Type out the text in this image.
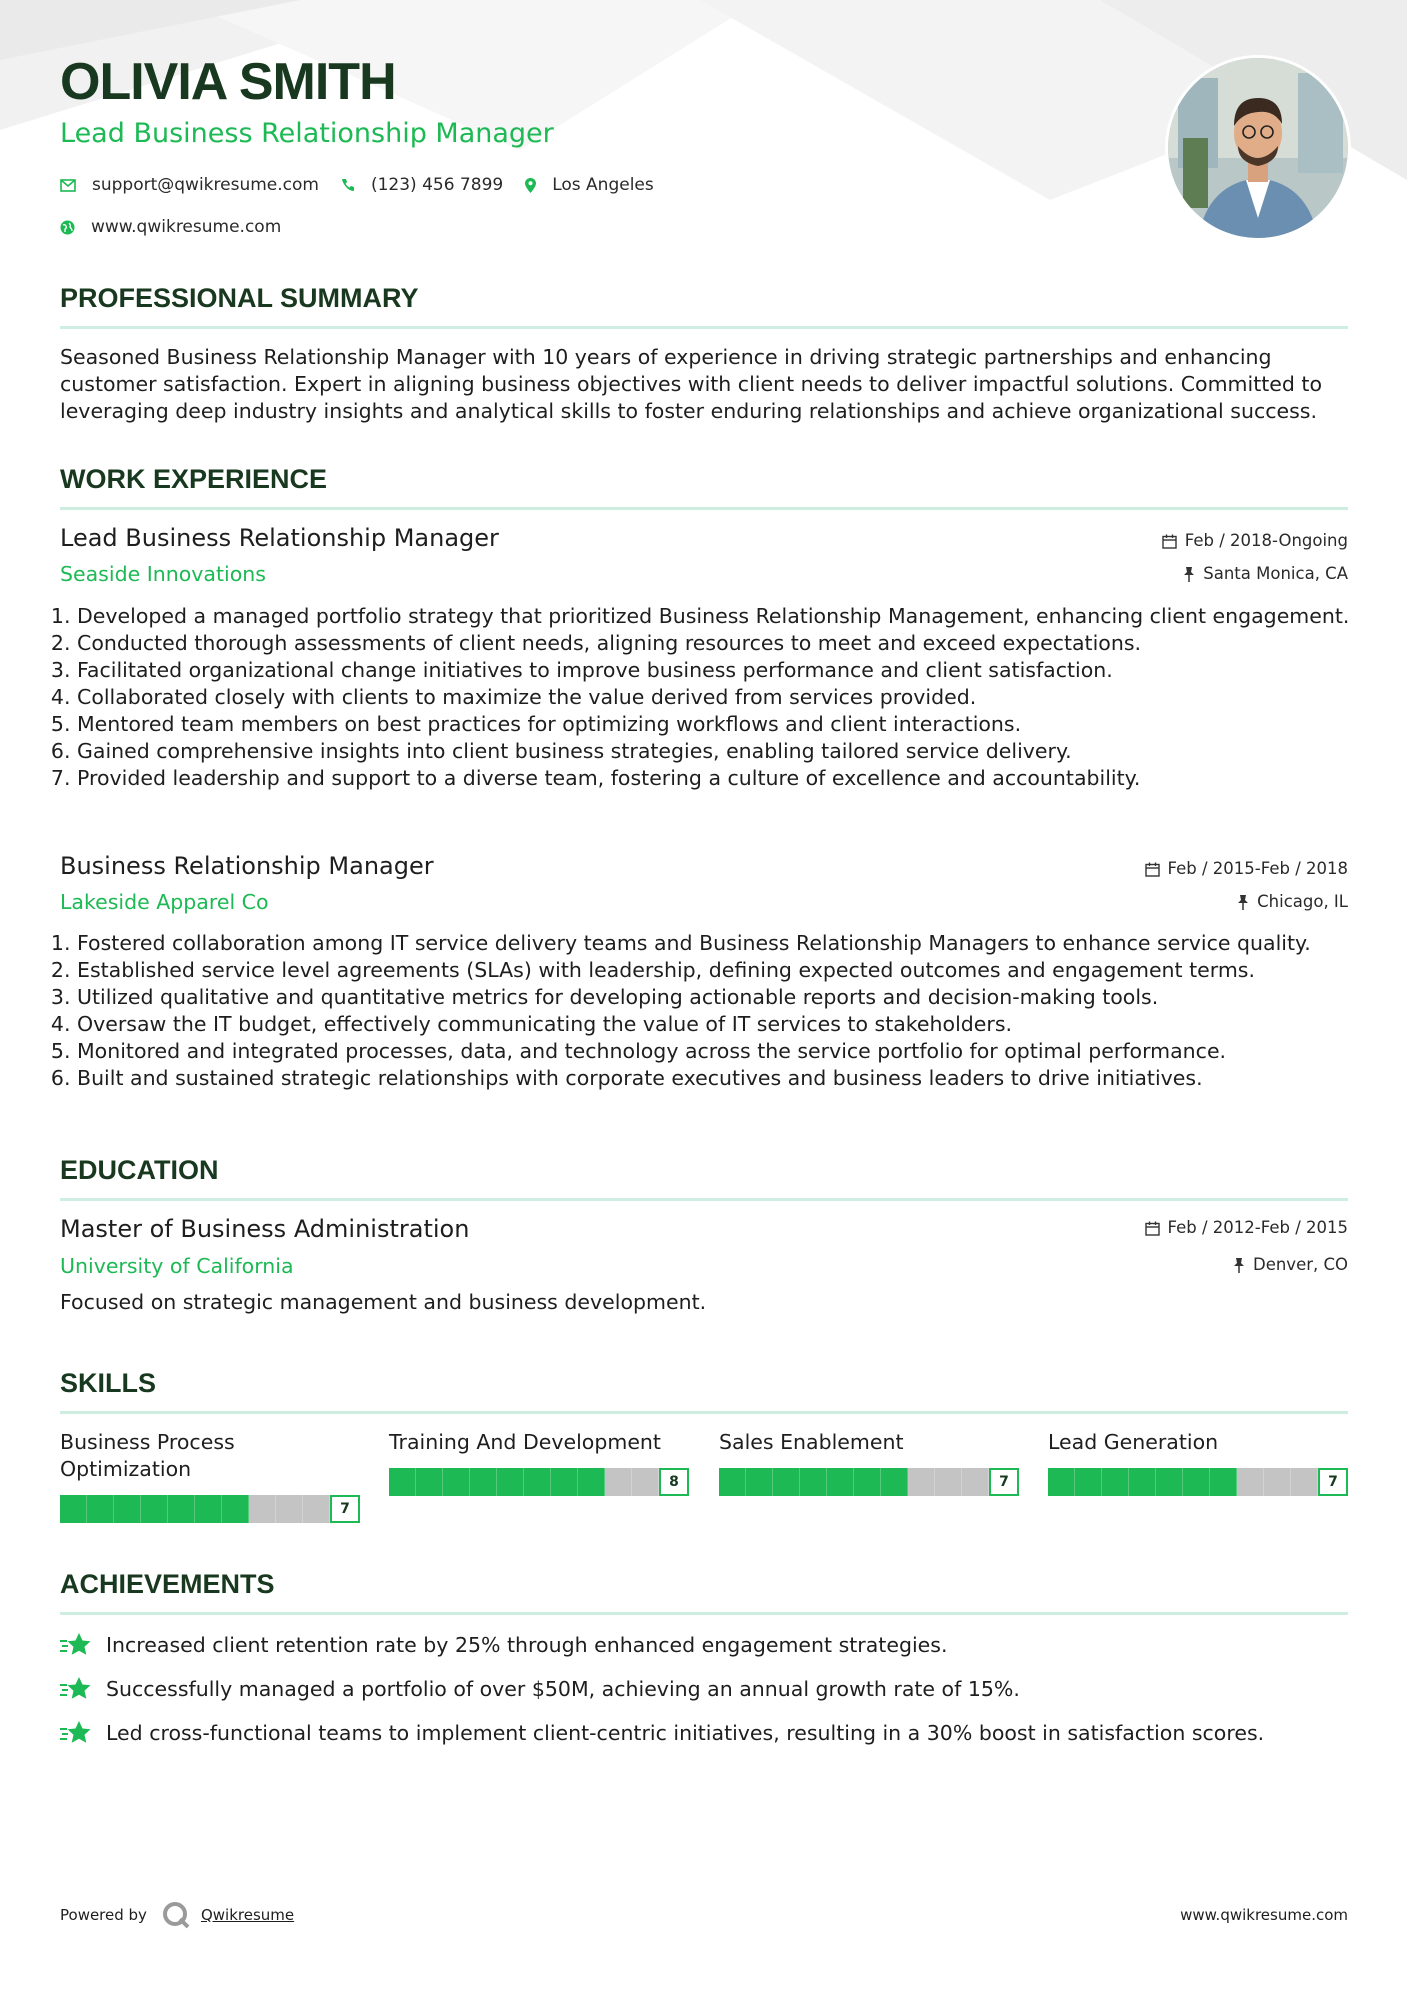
OLIVIA SMITH
Lead Business Relationship Manager
support@qwikresume.com	(123) 456 7899	Los Angeles
www.qwikresume.com
PROFESSIONAL SUMMARY

Seasoned Business Relationship Manager with 10 years of experience in driving strategic partnerships and enhancing customer satisfaction. Expert in aligning business objectives with client needs to deliver impactful solutions. Committed to leveraging deep industry insights and analytical skills to foster enduring relationships and achieve organizational success.

WORK EXPERIENCE
Lead Business Relationship Manager
Seaside Innovations
Feb / 2018-Ongoing
Santa Monica, CA
1. Developed a managed portfolio strategy that prioritized Business Relationship Management, enhancing client engagement.
2. Conducted thorough assessments of client needs, aligning resources to meet and exceed expectations.
3. Facilitated organizational change initiatives to improve business performance and client satisfaction.
4. Collaborated closely with clients to maximize the value derived from services provided.
5. Mentored team members on best practices for optimizing workflows and client interactions.
6. Gained comprehensive insights into client business strategies, enabling tailored service delivery.
7. Provided leadership and support to a diverse team, fostering a culture of excellence and accountability.
Business Relationship Manager
Lakeside Apparel Co
Feb / 2015-Feb / 2018
Chicago, IL
1. Fostered collaboration among IT service delivery teams and Business Relationship Managers to enhance service quality.
2. Established service level agreements (SLAs) with leadership, defining expected outcomes and engagement terms.
3. Utilized qualitative and quantitative metrics for developing actionable reports and decision-making tools.
4. Oversaw the IT budget, effectively communicating the value of IT services to stakeholders.
5. Monitored and integrated processes, data, and technology across the service portfolio for optimal performance.
6. Built and sustained strategic relationships with corporate executives and business leaders to drive initiatives.
EDUCATION
Master of Business Administration
University of California
Feb / 2012-Feb / 2015
Denver, CO

Focused on strategic management and business development.

SKILLS
Business Process Optimization
7
Training And Development
8
Sales Enablement
7
Lead Generation
7
ACHIEVEMENTS
Increased client retention rate by 25% through enhanced engagement strategies.
Successfully managed a portfolio of over $50M, achieving an annual growth rate of 15%.
Led cross-functional teams to implement client-centric initiatives, resulting in a 30% boost in satisfaction scores.
Powered by	Qwikresume	www.qwikresume.com
